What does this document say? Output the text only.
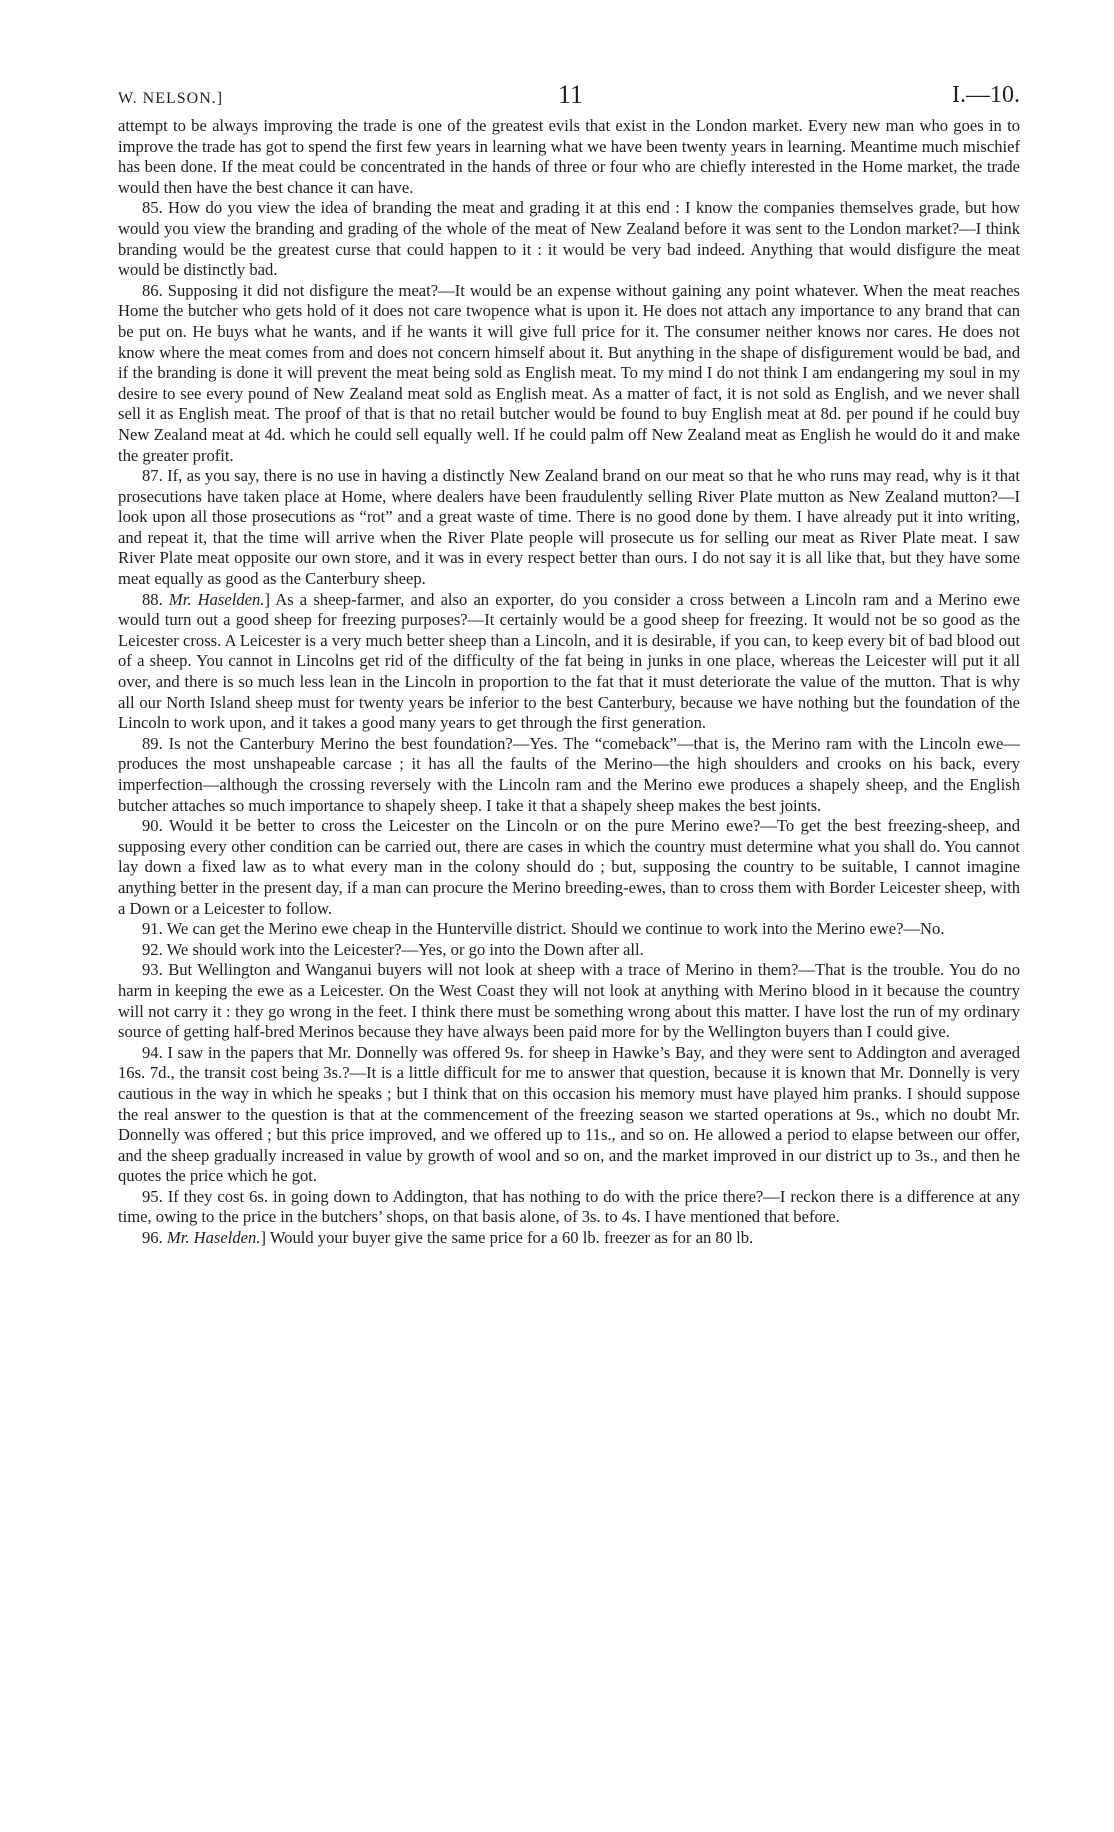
W. NELSON.]	11	I.—10.

attempt to be always improving the trade is one of the greatest evils that exist in the London market. Every new man who goes in to improve the trade has got to spend the first few years in learning what we have been twenty years in learning. Meantime much mischief has been done. If the meat could be concentrated in the hands of three or four who are chiefly interested in the Home market, the trade would then have the best chance it can have.

85. How do you view the idea of branding the meat and grading it at this end : I know the companies themselves grade, but how would you view the branding and grading of the whole of the meat of New Zealand before it was sent to the London market?—I think branding would be the greatest curse that could happen to it : it would be very bad indeed. Anything that would disfigure the meat would be distinctly bad.

86. Supposing it did not disfigure the meat?—It would be an expense without gaining any point whatever. When the meat reaches Home the butcher who gets hold of it does not care twopence what is upon it. He does not attach any importance to any brand that can be put on. He buys what he wants, and if he wants it will give full price for it. The consumer neither knows nor cares. He does not know where the meat comes from and does not concern himself about it. But anything in the shape of disfigurement would be bad, and if the branding is done it will prevent the meat being sold as English meat. To my mind I do not think I am endangering my soul in my desire to see every pound of New Zealand meat sold as English meat. As a matter of fact, it is not sold as English, and we never shall sell it as English meat. The proof of that is that no retail butcher would be found to buy English meat at 8d. per pound if he could buy New Zealand meat at 4d. which he could sell equally well. If he could palm off New Zealand meat as English he would do it and make the greater profit.

87. If, as you say, there is no use in having a distinctly New Zealand brand on our meat so that he who runs may read, why is it that prosecutions have taken place at Home, where dealers have been fraudulently selling River Plate mutton as New Zealand mutton?—I look upon all those prosecutions as “rot” and a great waste of time. There is no good done by them. I have already put it into writing, and repeat it, that the time will arrive when the River Plate people will prosecute us for selling our meat as River Plate meat. I saw River Plate meat opposite our own store, and it was in every respect better than ours. I do not say it is all like that, but they have some meat equally as good as the Canterbury sheep.

88. Mr. Haselden.] As a sheep-farmer, and also an exporter, do you consider a cross between a Lincoln ram and a Merino ewe would turn out a good sheep for freezing purposes?—It certainly would be a good sheep for freezing. It would not be so good as the Leicester cross. A Leicester is a very much better sheep than a Lincoln, and it is desirable, if you can, to keep every bit of bad blood out of a sheep. You cannot in Lincolns get rid of the difficulty of the fat being in junks in one place, whereas the Leicester will put it all over, and there is so much less lean in the Lincoln in proportion to the fat that it must deteriorate the value of the mutton. That is why all our North Island sheep must for twenty years be inferior to the best Canterbury, because we have nothing but the foundation of the Lincoln to work upon, and it takes a good many years to get through the first generation.

89. Is not the Canterbury Merino the best foundation?—Yes. The “comeback”—that is, the Merino ram with the Lincoln ewe—produces the most unshapeable carcase ; it has all the faults of the Merino—the high shoulders and crooks on his back, every imperfection—although the crossing reversely with the Lincoln ram and the Merino ewe produces a shapely sheep, and the English butcher attaches so much importance to shapely sheep. I take it that a shapely sheep makes the best joints.

90. Would it be better to cross the Leicester on the Lincoln or on the pure Merino ewe?—To get the best freezing-sheep, and supposing every other condition can be carried out, there are cases in which the country must determine what you shall do. You cannot lay down a fixed law as to what every man in the colony should do ; but, supposing the country to be suitable, I cannot imagine anything better in the present day, if a man can procure the Merino breeding-ewes, than to cross them with Border Leicester sheep, with a Down or a Leicester to follow.

91. We can get the Merino ewe cheap in the Hunterville district. Should we continue to work into the Merino ewe?—No.

92. We should work into the Leicester?—Yes, or go into the Down after all.

93. But Wellington and Wanganui buyers will not look at sheep with a trace of Merino in them?—That is the trouble. You do no harm in keeping the ewe as a Leicester. On the West Coast they will not look at anything with Merino blood in it because the country will not carry it : they go wrong in the feet. I think there must be something wrong about this matter. I have lost the run of my ordinary source of getting half-bred Merinos because they have always been paid more for by the Wellington buyers than I could give.

94. I saw in the papers that Mr. Donnelly was offered 9s. for sheep in Hawke’s Bay, and they were sent to Addington and averaged 16s. 7d., the transit cost being 3s.?—It is a little difficult for me to answer that question, because it is known that Mr. Donnelly is very cautious in the way in which he speaks ; but I think that on this occasion his memory must have played him pranks. I should suppose the real answer to the question is that at the commencement of the freezing season we started operations at 9s., which no doubt Mr. Donnelly was offered ; but this price improved, and we offered up to 11s., and so on. He allowed a period to elapse between our offer, and the sheep gradually increased in value by growth of wool and so on, and the market improved in our district up to 3s., and then he quotes the price which he got.

95. If they cost 6s. in going down to Addington, that has nothing to do with the price there?—I reckon there is a difference at any time, owing to the price in the butchers’ shops, on that basis alone, of 3s. to 4s. I have mentioned that before.

96. Mr. Haselden.] Would your buyer give the same price for a 60 lb. freezer as for an 80 lb.
